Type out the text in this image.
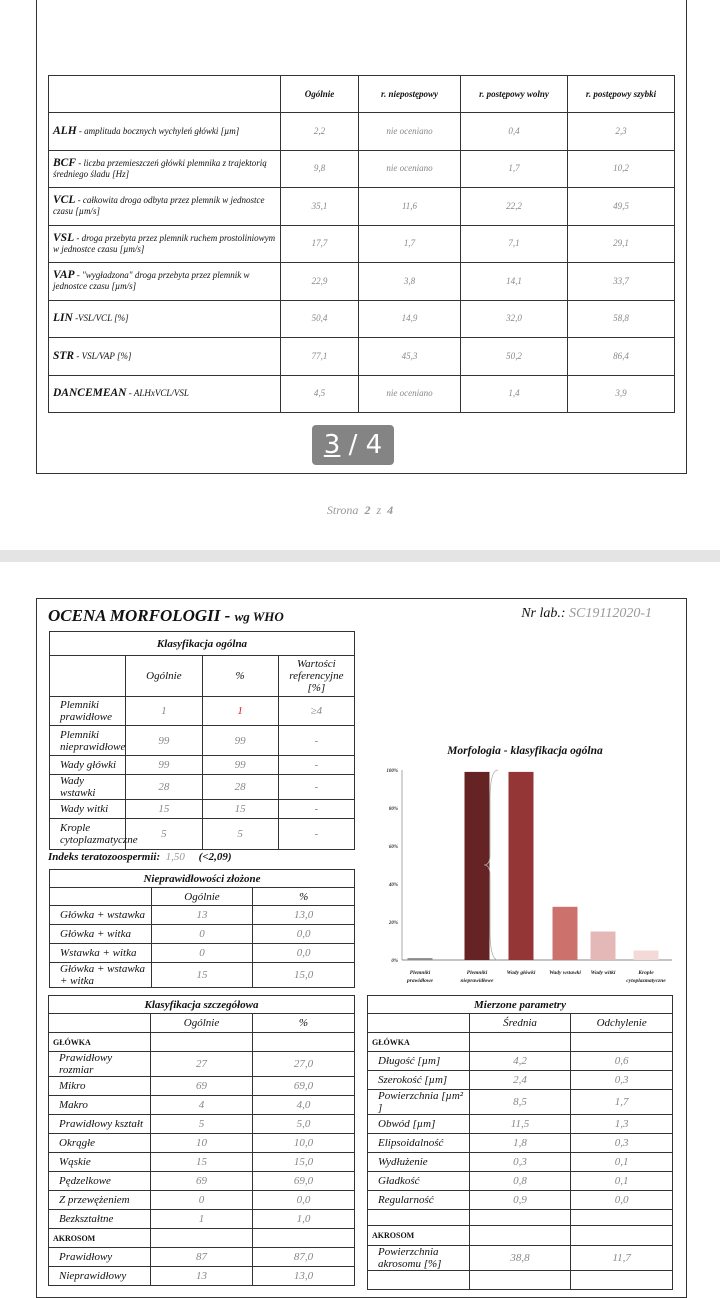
	Ogólnie	r. niepostępowy	r. postępowy wolny	r. postępowy szybki
ALH - amplituda bocznych wychyleń główki [µm]	2,2	nie oceniano	0,4	2,3
BCF - liczba przemieszczeń główki plemnika z trajektorią średniego śladu [Hz]	9,8	nie oceniano	1,7	10,2
VCL - całkowita droga odbyta przez plemnik w jednostce czasu [µm/s]	35,1	11,6	22,2	49,5
VSL - droga przebyta przez plemnik ruchem prostoliniowym w jednostce czasu [µm/s]	17,7	1,7	7,1	29,1
VAP - "wygładzona" droga przebyta przez plemnik w jednostce czasu [µm/s]	22,9	3,8	14,1	33,7
LIN -VSL/VCL [%]	50,4	14,9	32,0	58,8
STR - VSL/VAP [%]	77,1	45,3	50,2	86,4
DANCEMEAN - ALHxVCL/VSL	4,5	nie oceniano	1,4	3,9
Strona 2 z 4
OCENA MORFOLOGII - wg WHO	Nr lab.: SC19112020-1
Klasyfikacja ogólna			
	Ogólnie	%	Wartości referencyjne [%]
Plemniki prawidłowe	1	1	≥4
Plemniki nieprawidłowe	99	99	-
Wady główki	99	99	-
Wady wstawki	28	28	-
Wady witki	15	15	-
Krople cytoplazmatyczne	5	5	-
Indeks teratozoospermii: 1,50 (<2,09)
Nieprawidłowości złożone		
	Ogólnie	%
Główka + wstawka	13	13,0
Główka + witka	0	0,0
Wstawka + witka	0	0,0
Główka + wstawka + witka	15	15,0
Morfologia - klasyfikacja ogólna
0%
20%
40%
60%
80%
100%
Plemniki
prawidłowe
Plemniki
nieprawidłowe
Wady główki Wady wstawki Wady witki	Krople
cytoplazmatyczne
Klasyfikacja szczegółowa		
	Ogólnie	%
GŁÓWKA		
Prawidłowy rozmiar	27	27,0
Mikro	69	69,0
Makro	4	4,0
Prawidłowy kształt	5	5,0
Okrągłe	10	10,0
Wąskie	15	15,0
Pędzelkowe	69	69,0
Z przewężeniem	0	0,0
Bezkształtne	1	1,0
AKROSOM		
Prawidłowy	87	87,0
Nieprawidłowy	13	13,0
Mierzone parametry		
	Średnia	Odchylenie
GŁÓWKA		
Długość [µm]	4,2	0,6
Szerokość [µm]	2,4	0,3
Powierzchnia [µm² ]	8,5	1,7
Obwód [µm]	11,5	1,3
Elipsoidalność	1,8	0,3
Wydłużenie	0,3	0,1
Gładkość	0,8	0,1
Regularność	0,9	0,0

AKROSOM		
Powierzchnia akrosomu [%]	38,8	11,7

3
/
4
